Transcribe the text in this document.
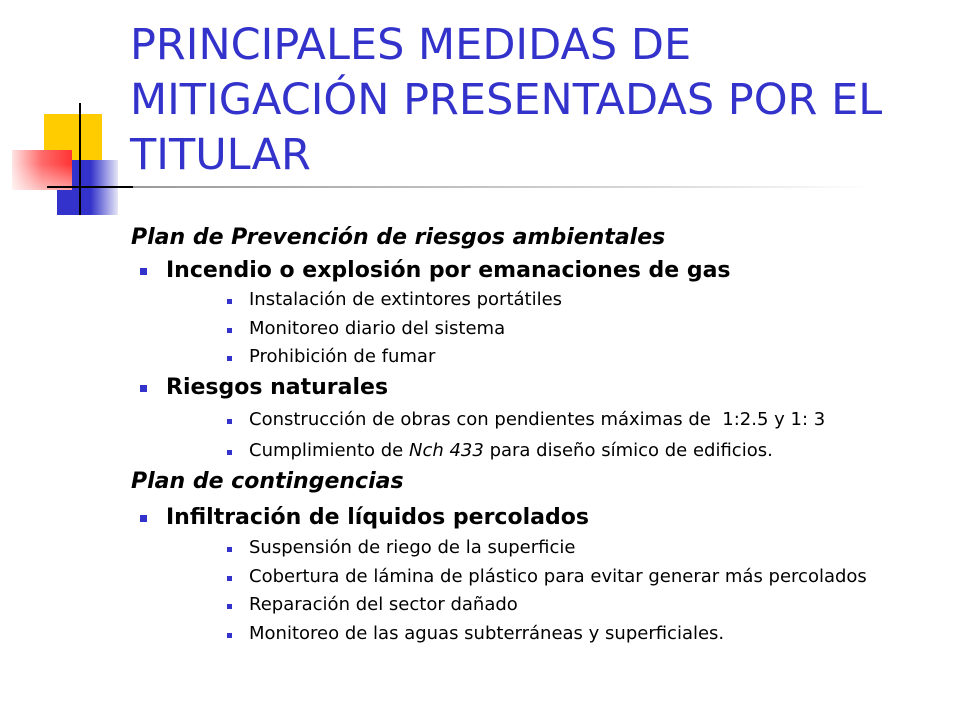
PRINCIPALES MEDIDAS DE
MITIGACIÓN PRESENTADAS POR EL
TITULAR
Plan de Prevención de riesgos ambientales
Incendio o explosión por emanaciones de gas
Instalación de extintores portátiles
Monitoreo diario del sistema
Prohibición de fumar
Riesgos naturales
Construcción de obras con pendientes máximas de  1:2.5 y 1: 3
Cumplimiento de Nch 433 para diseño símico de edificios.
Plan de contingencias
Infiltración de líquidos percolados
Suspensión de riego de la superficie
Cobertura de lámina de plástico para evitar generar más percolados
Reparación del sector dañado
Monitoreo de las aguas subterráneas y superficiales.
